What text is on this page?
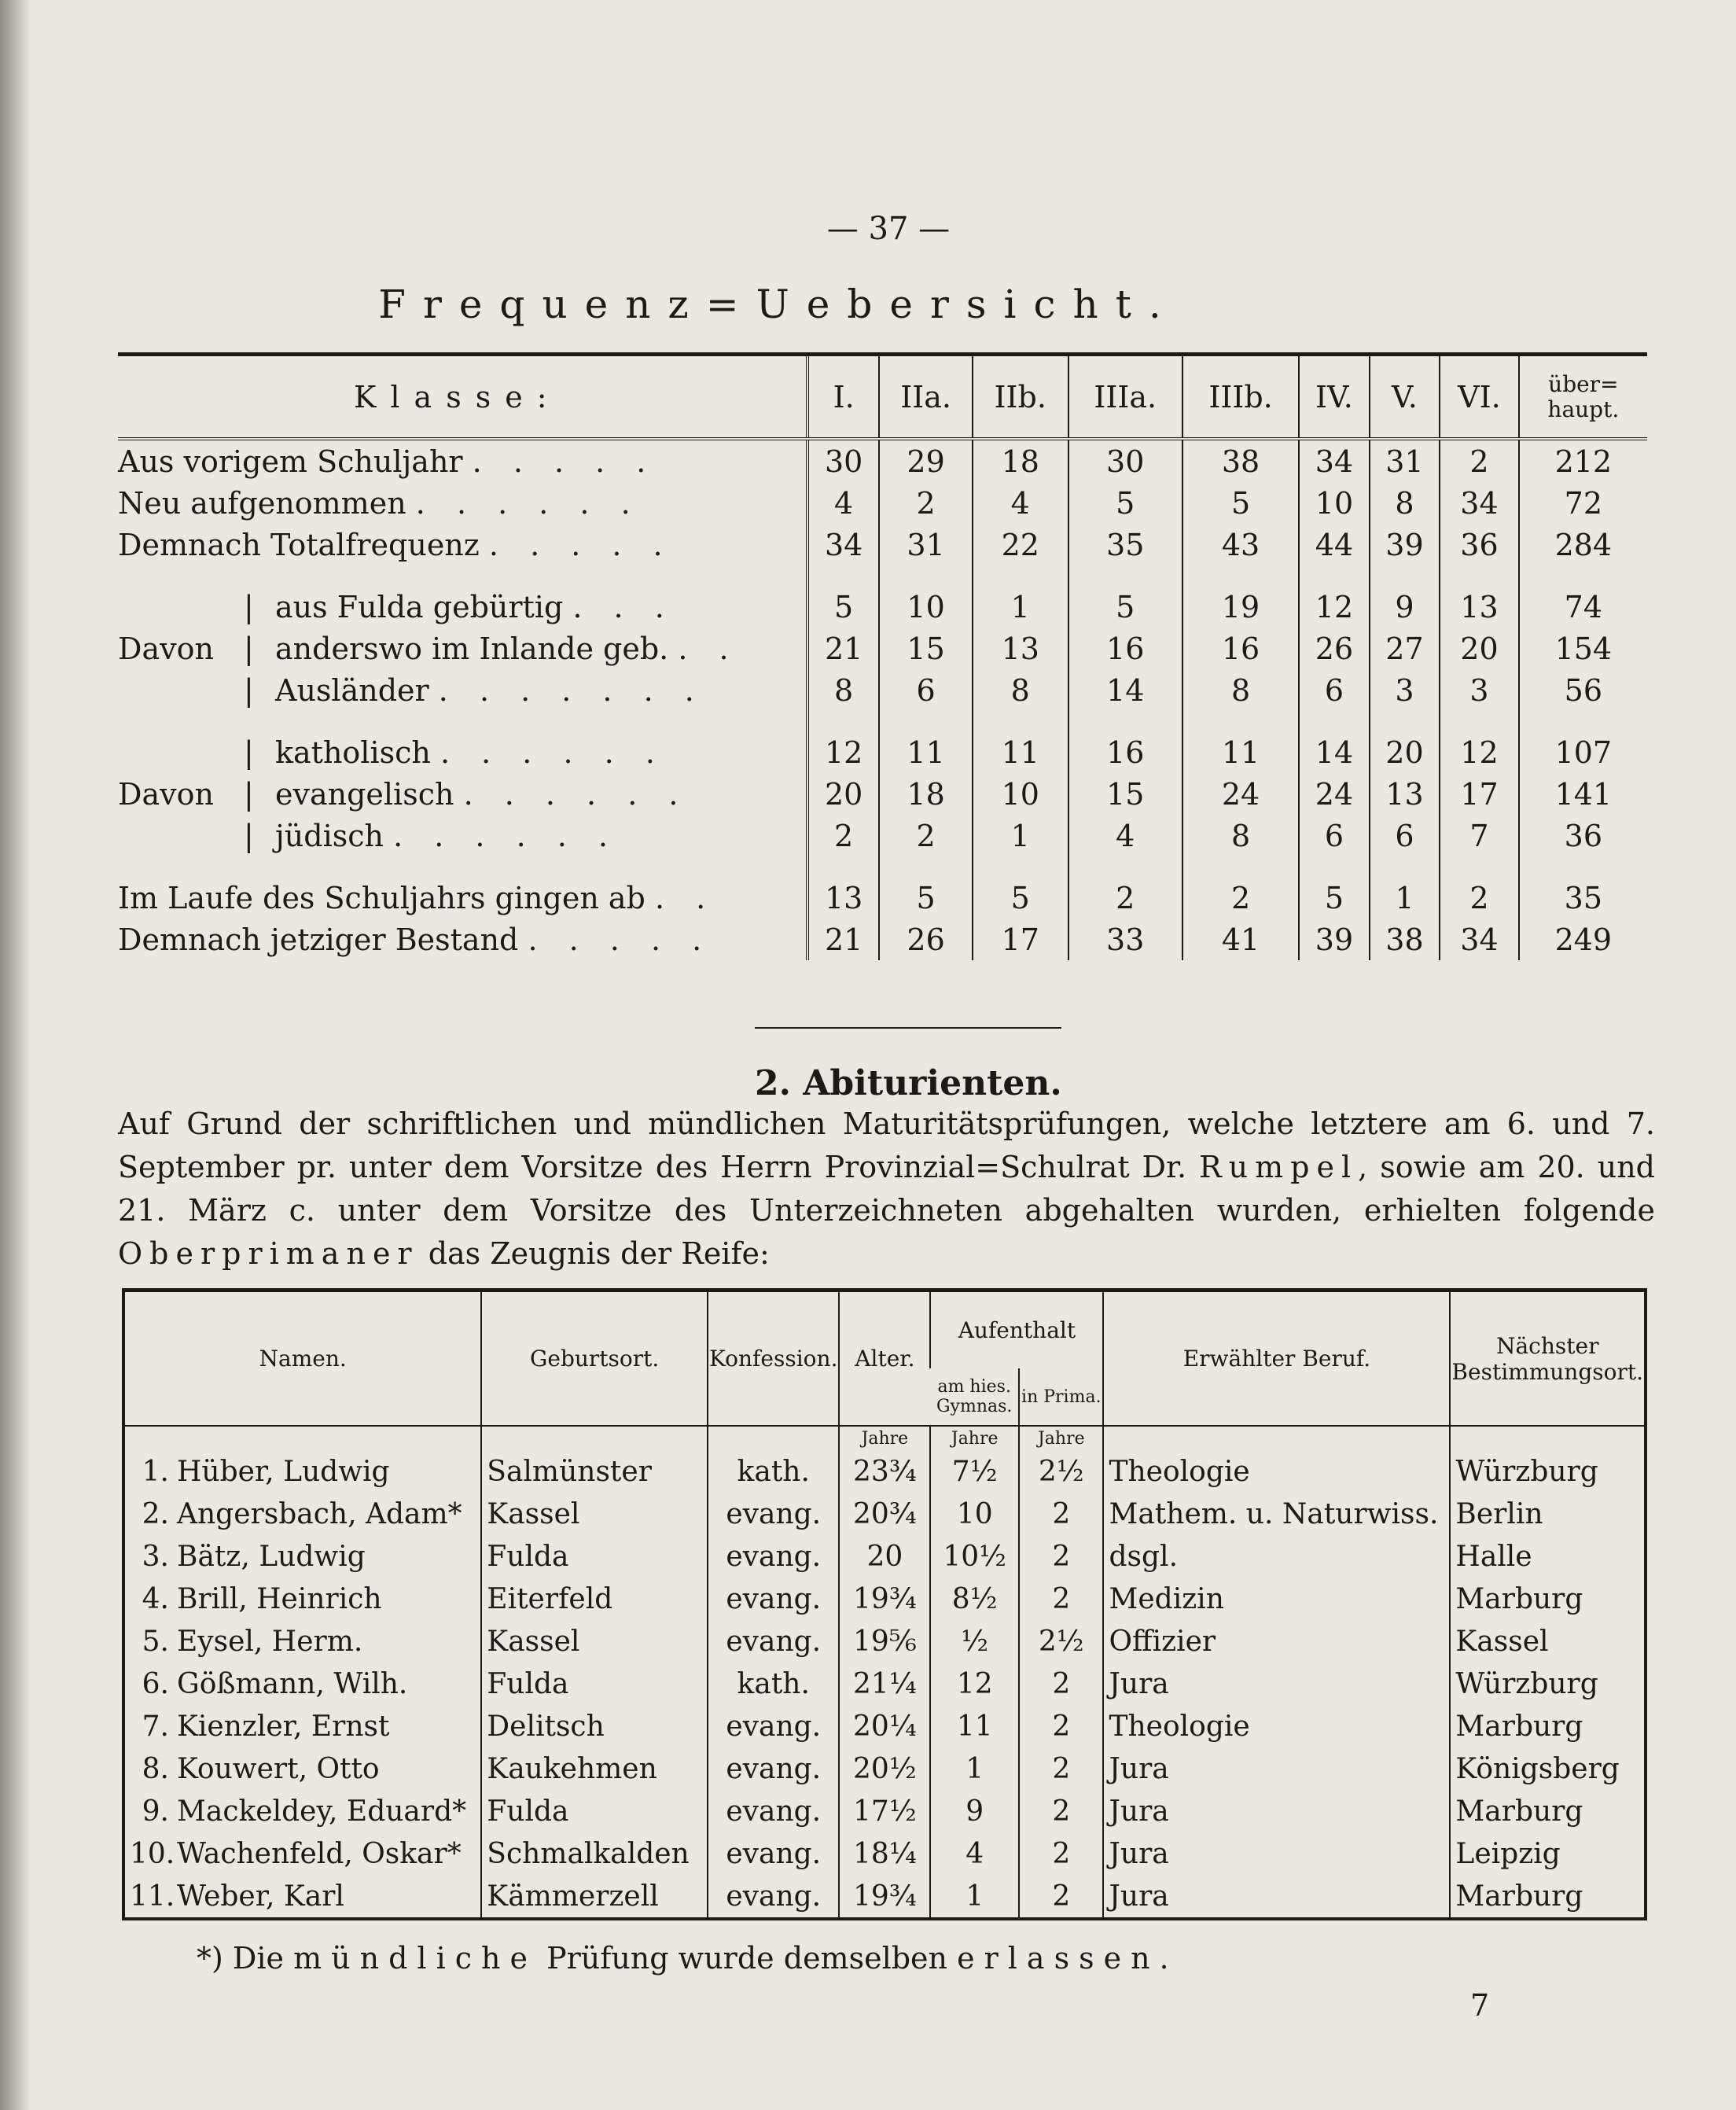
— 37 —
Frequenz=Uebersicht.
Klasse:	I.	IIa.	IIb.	IIIa.	IIIb.	IV.	V.	VI.	über=
haupt.

Aus vorigem Schuljahr . . . . .	30	29	18	30	38	34	31	2	212
Neu aufgenommen . . . . . .	4	2	4	5	5	10	8	34	72
Demnach Totalfrequenz . . . . .	34	31	22	35	43	44	39	36	284

| aus Fulda gebürtig . . .	5	10	1	5	19	12	9	13	74
Davon | anderswo im Inlande geb. . .	21	15	13	16	16	26	27	20	154
| Ausländer . . . . . . .	8	6	8	14	8	6	3	3	56

| katholisch . . . . . .	12	11	11	16	11	14	20	12	107
Davon | evangelisch . . . . . .	20	18	10	15	24	24	13	17	141
| jüdisch . . . . . .	2	2	1	4	8	6	6	7	36

Im Laufe des Schuljahrs gingen ab . .	13	5	5	2	2	5	1	2	35
Demnach jetziger Bestand . . . . .	21	26	17	33	41	39	38	34	249
2. Abiturienten.
Auf Grund der schriftlichen und mündlichen Maturitätsprüfungen, welche letztere am 6. und 7. September pr. unter dem Vorsitze des Herrn Provinzial=Schulrat Dr. Rumpel, sowie am 20. und 21. März c. unter dem Vorsitze des Unterzeichneten abgehalten wurden, erhielten folgende Oberprimaner das Zeugnis der Reife:
Namen.	Geburtsort.	Konfession.	Alter.	Aufenthalt		Erwählter Beruf.	Nächster Bestimmungsort.
				am hies. Gymnas.	in Prima.		
			Jahre	Jahre	Jahre		
1. Hüber, Ludwig	Salmünster	kath.	23¾	7½	2½	Theologie	Würzburg
2. Angersbach, Adam*	Kassel	evang.	20¾	10	2	Mathem. u. Naturwiss.	Berlin
3. Bätz, Ludwig	Fulda	evang.	20	10½	2	dsgl.	Halle
4. Brill, Heinrich	Eiterfeld	evang.	19¾	8½	2	Medizin	Marburg
5. Eysel, Herm.	Kassel	evang.	19⅚	½	2½	Offizier	Kassel
6. Gößmann, Wilh.	Fulda	kath.	21¼	12	2	Jura	Würzburg
7. Kienzler, Ernst	Delitsch	evang.	20¼	11	2	Theologie	Marburg
8. Kouwert, Otto	Kaukehmen	evang.	20½	1	2	Jura	Königsberg
9. Mackeldey, Eduard*	Fulda	evang.	17½	9	2	Jura	Marburg
10.Wachenfeld, Oskar*	Schmalkalden	evang.	18¼	4	2	Jura	Leipzig
11.Weber, Karl	Kämmerzell	evang.	19¾	1	2	Jura	Marburg
*) Die mündliche Prüfung wurde demselben erlassen.
7
